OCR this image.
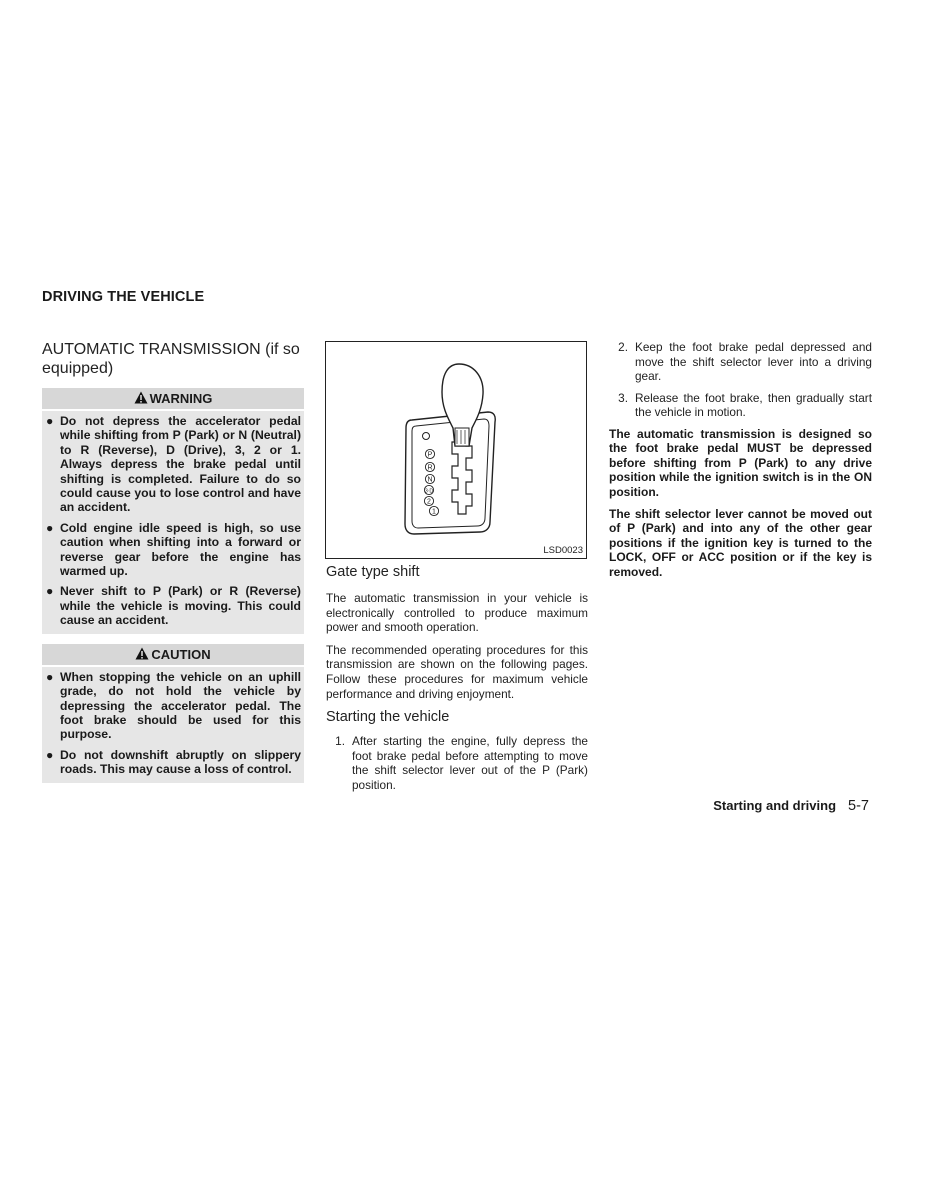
DRIVING THE VEHICLE
AUTOMATIC TRANSMISSION (if so equipped)
WARNING
● Do not depress the accelerator pedal while shifting from P (Park) or N (Neutral) to R (Reverse), D (Drive), 3, 2 or 1. Always depress the brake pedal until shifting is completed. Failure to do so could cause you to lose control and have an accident.
● Cold engine idle speed is high, so use caution when shifting into a forward or reverse gear before the engine has warmed up.
● Never shift to P (Park) or R (Reverse) while the vehicle is moving. This could cause an accident.
CAUTION
● When stopping the vehicle on an uphill grade, do not hold the vehicle by depressing the accelerator pedal. The foot brake should be used for this purpose.
● Do not downshift abruptly on slippery roads. This may cause a loss of control.
P
R
N
3·D
2
1
LSD0023
Gate type shift

The automatic transmission in your vehicle is electronically controlled to produce maximum power and smooth operation.

The recommended operating procedures for this transmission are shown on the following pages. Follow these procedures for maximum vehicle performance and driving enjoyment.

Starting the vehicle
1. After starting the engine, fully depress the foot brake pedal before attempting to move the shift selector lever out of the P (Park) position.
2. Keep the foot brake pedal depressed and move the shift selector lever into a driving gear.
3. Release the foot brake, then gradually start the vehicle in motion.

The automatic transmission is designed so the foot brake pedal MUST be depressed before shifting from P (Park) to any drive position while the ignition switch is in the ON position.

The shift selector lever cannot be moved out of P (Park) and into any of the other gear positions if the ignition key is turned to the LOCK, OFF or ACC position or if the key is removed.

Starting and driving 5-7
